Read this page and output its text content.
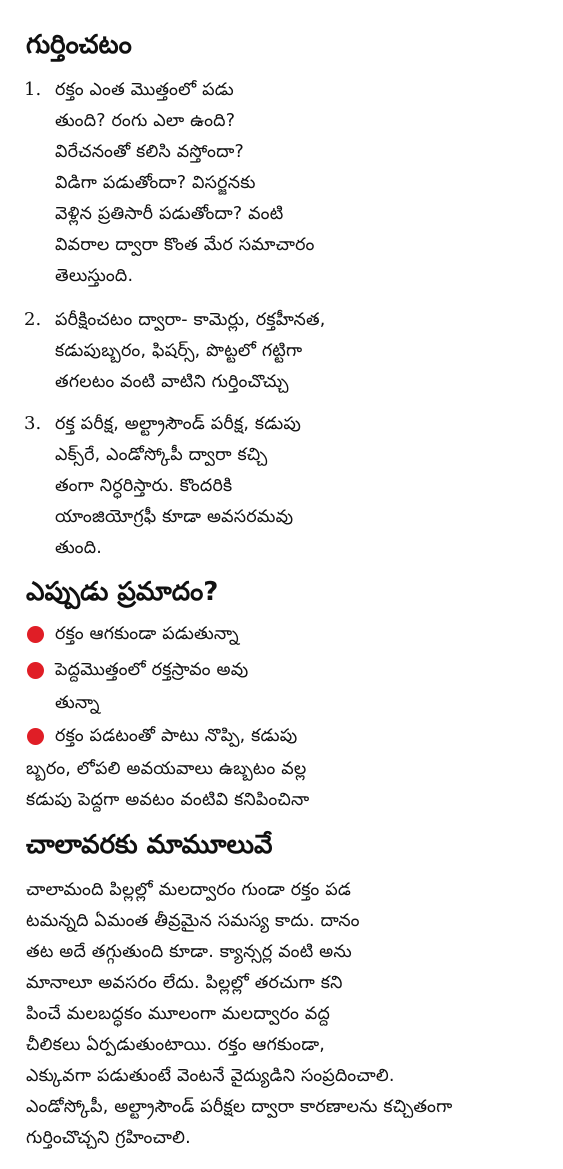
గుర్తించటం
1. రక్తం ఎంత మొత్తంలో పడు
తుంది? రంగు ఎలా ఉంది?
విరేచనంతో కలిసి వస్తోందా?
విడిగా పడుతోందా? విసర్జనకు
వెళ్లిన ప్రతిసారీ పడుతోందా? వంటి
వివరాల ద్వారా కొంత మేర సమాచారం
తెలుస్తుంది.
2. పరీక్షించటం ద్వారా- కామెర్లు, రక్తహీనత,
కడుపుబ్బరం, ఫిషర్స్, పొట్టలో గట్టిగా
తగలటం వంటి వాటిని గుర్తించొచ్చు
3. రక్త పరీక్ష, అల్ట్రాసౌండ్ పరీక్ష, కడుపు
ఎక్స్‌రే, ఎండోస్కోపీ ద్వారా కచ్చి
తంగా నిర్ధరిస్తారు. కొందరికి
యాంజియోగ్రఫీ కూడా అవసరమవు
తుంది.
ఎప్పుడు ప్రమాదం?
రక్తం ఆగకుండా పడుతున్నా
పెద్దమొత్తంలో రక్తస్రావం అవు
తున్నా
రక్తం పడటంతో పాటు నొప్పి, కడుపు
బ్బరం, లోపలి అవయవాలు ఉబ్బటం వల్ల
కడుపు పెద్దగా అవటం వంటివి కనిపించినా
చాలావరకు మామూలువే
చాలామంది పిల్లల్లో మలద్వారం గుండా రక్తం పడ
టమన్నది ఏమంత తీవ్రమైన సమస్య కాదు. దానం
తట అదే తగ్గుతుంది కూడా. క్యాన్సర్ల వంటి అను
మానాలూ అవసరం లేదు. పిల్లల్లో తరచుగా కని
పించే మలబద్ధకం మూలంగా మలద్వారం వద్ద
చీలికలు ఏర్పడుతుంటాయి. రక్తం ఆగకుండా,
ఎక్కువగా పడుతుంటే వెంటనే వైద్యుడిని సంప్రదించాలి.
ఎండోస్కోపీ, అల్ట్రాసౌండ్ పరీక్షల ద్వారా కారణాలను కచ్చితంగా
గుర్తించొచ్చని గ్రహించాలి.
